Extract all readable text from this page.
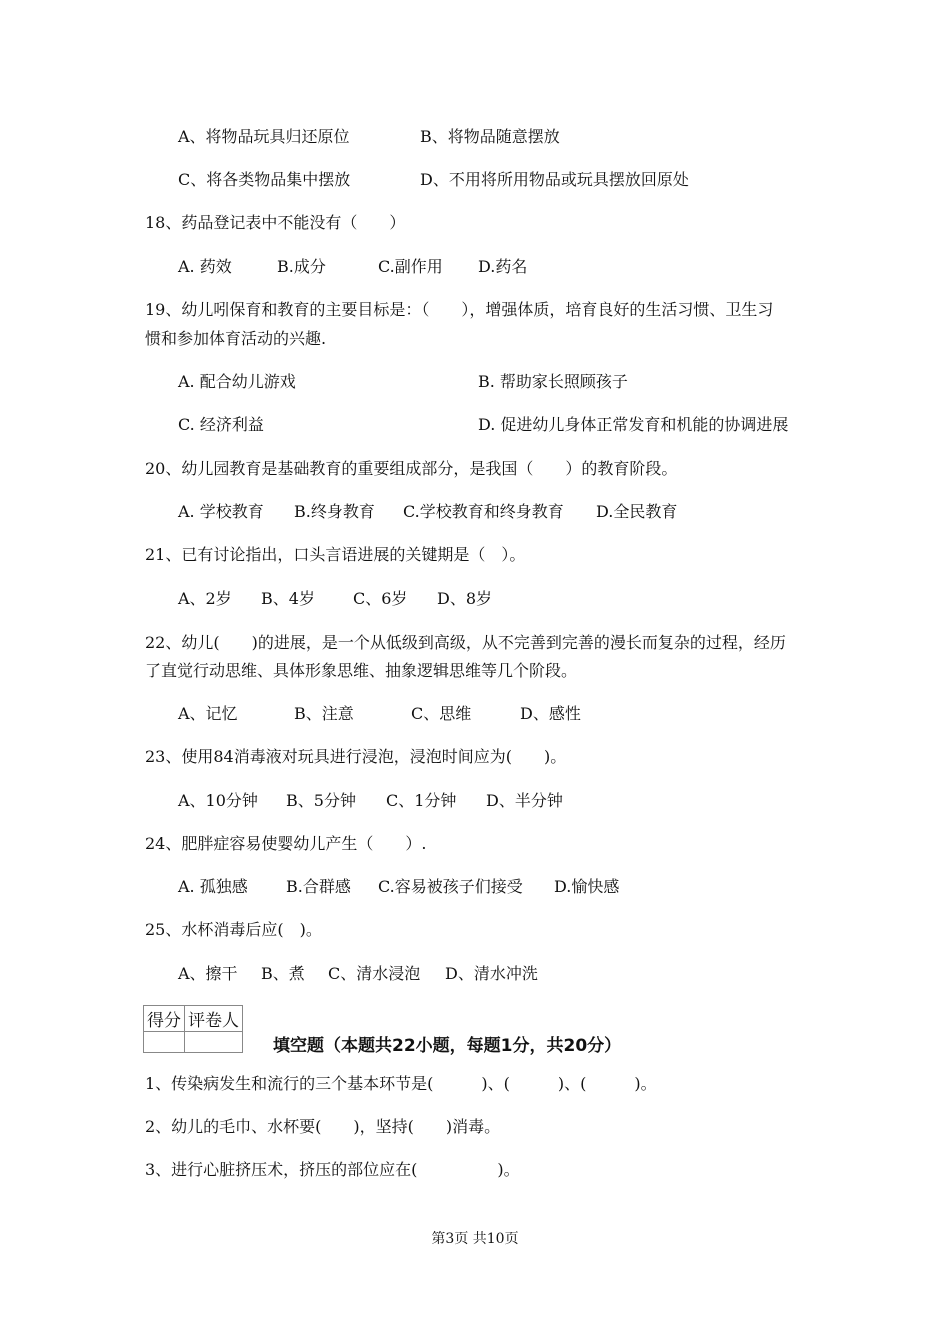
A、将物品玩具归还原位	B、将物品随意摆放
C、将各类物品集中摆放	D、不用将所用物品或玩具摆放回原处
18、药品登记表中不能没有（　　）
A. 药效	B.成分	C.副作用 D.药名
19、幼儿吲保育和教育的主要目标是：（　　），增强体质，培育良好的生活习惯、卫生习
惯和参加体育活动的兴趣.
A. 配合幼儿游戏	B. 帮助家长照顾孩子
C. 经济利益	D. 促进幼儿身体正常发育和机能的协调进展
20、幼儿园教育是基础教育的重要组成部分，是我国（　　）的教育阶段。
A. 学校教育 B.终身教育 C.学校教育和终身教育 D.全民教育
21、已有讨论指出，口头言语进展的关键期是（　）。
A、2岁 B、4岁 C、6岁 D、8岁
22、幼儿(　　)的进展，是一个从低级到高级，从不完善到完善的漫长而复杂的过程，经历
了直觉行动思维、具体形象思维、抽象逻辑思维等几个阶段。
A、记忆	B、注意	C、思维	D、感性
23、使用84消毒液对玩具进行浸泡，浸泡时间应为(　　)。
A、10分钟 B、5分钟 C、1分钟 D、半分钟
24、肥胖症容易使婴幼儿产生（　　）.
A. 孤独感 B.合群感 C.容易被孩子们接受 D.愉快感
25、水杯消毒后应(　)。
A、擦干 B、煮 C、清水浸泡 D、清水冲洗
得分	评卷人

填空题（本题共22小题，每题1分，共20分）
1、传染病发生和流行的三个基本环节是(　　　)、(　　　)、(　　　)。
2、幼儿的毛巾、水杯要(　　)，坚持(　　)消毒。
3、进行心脏挤压术，挤压的部位应在(　　　　　)。
第3页 共10页
